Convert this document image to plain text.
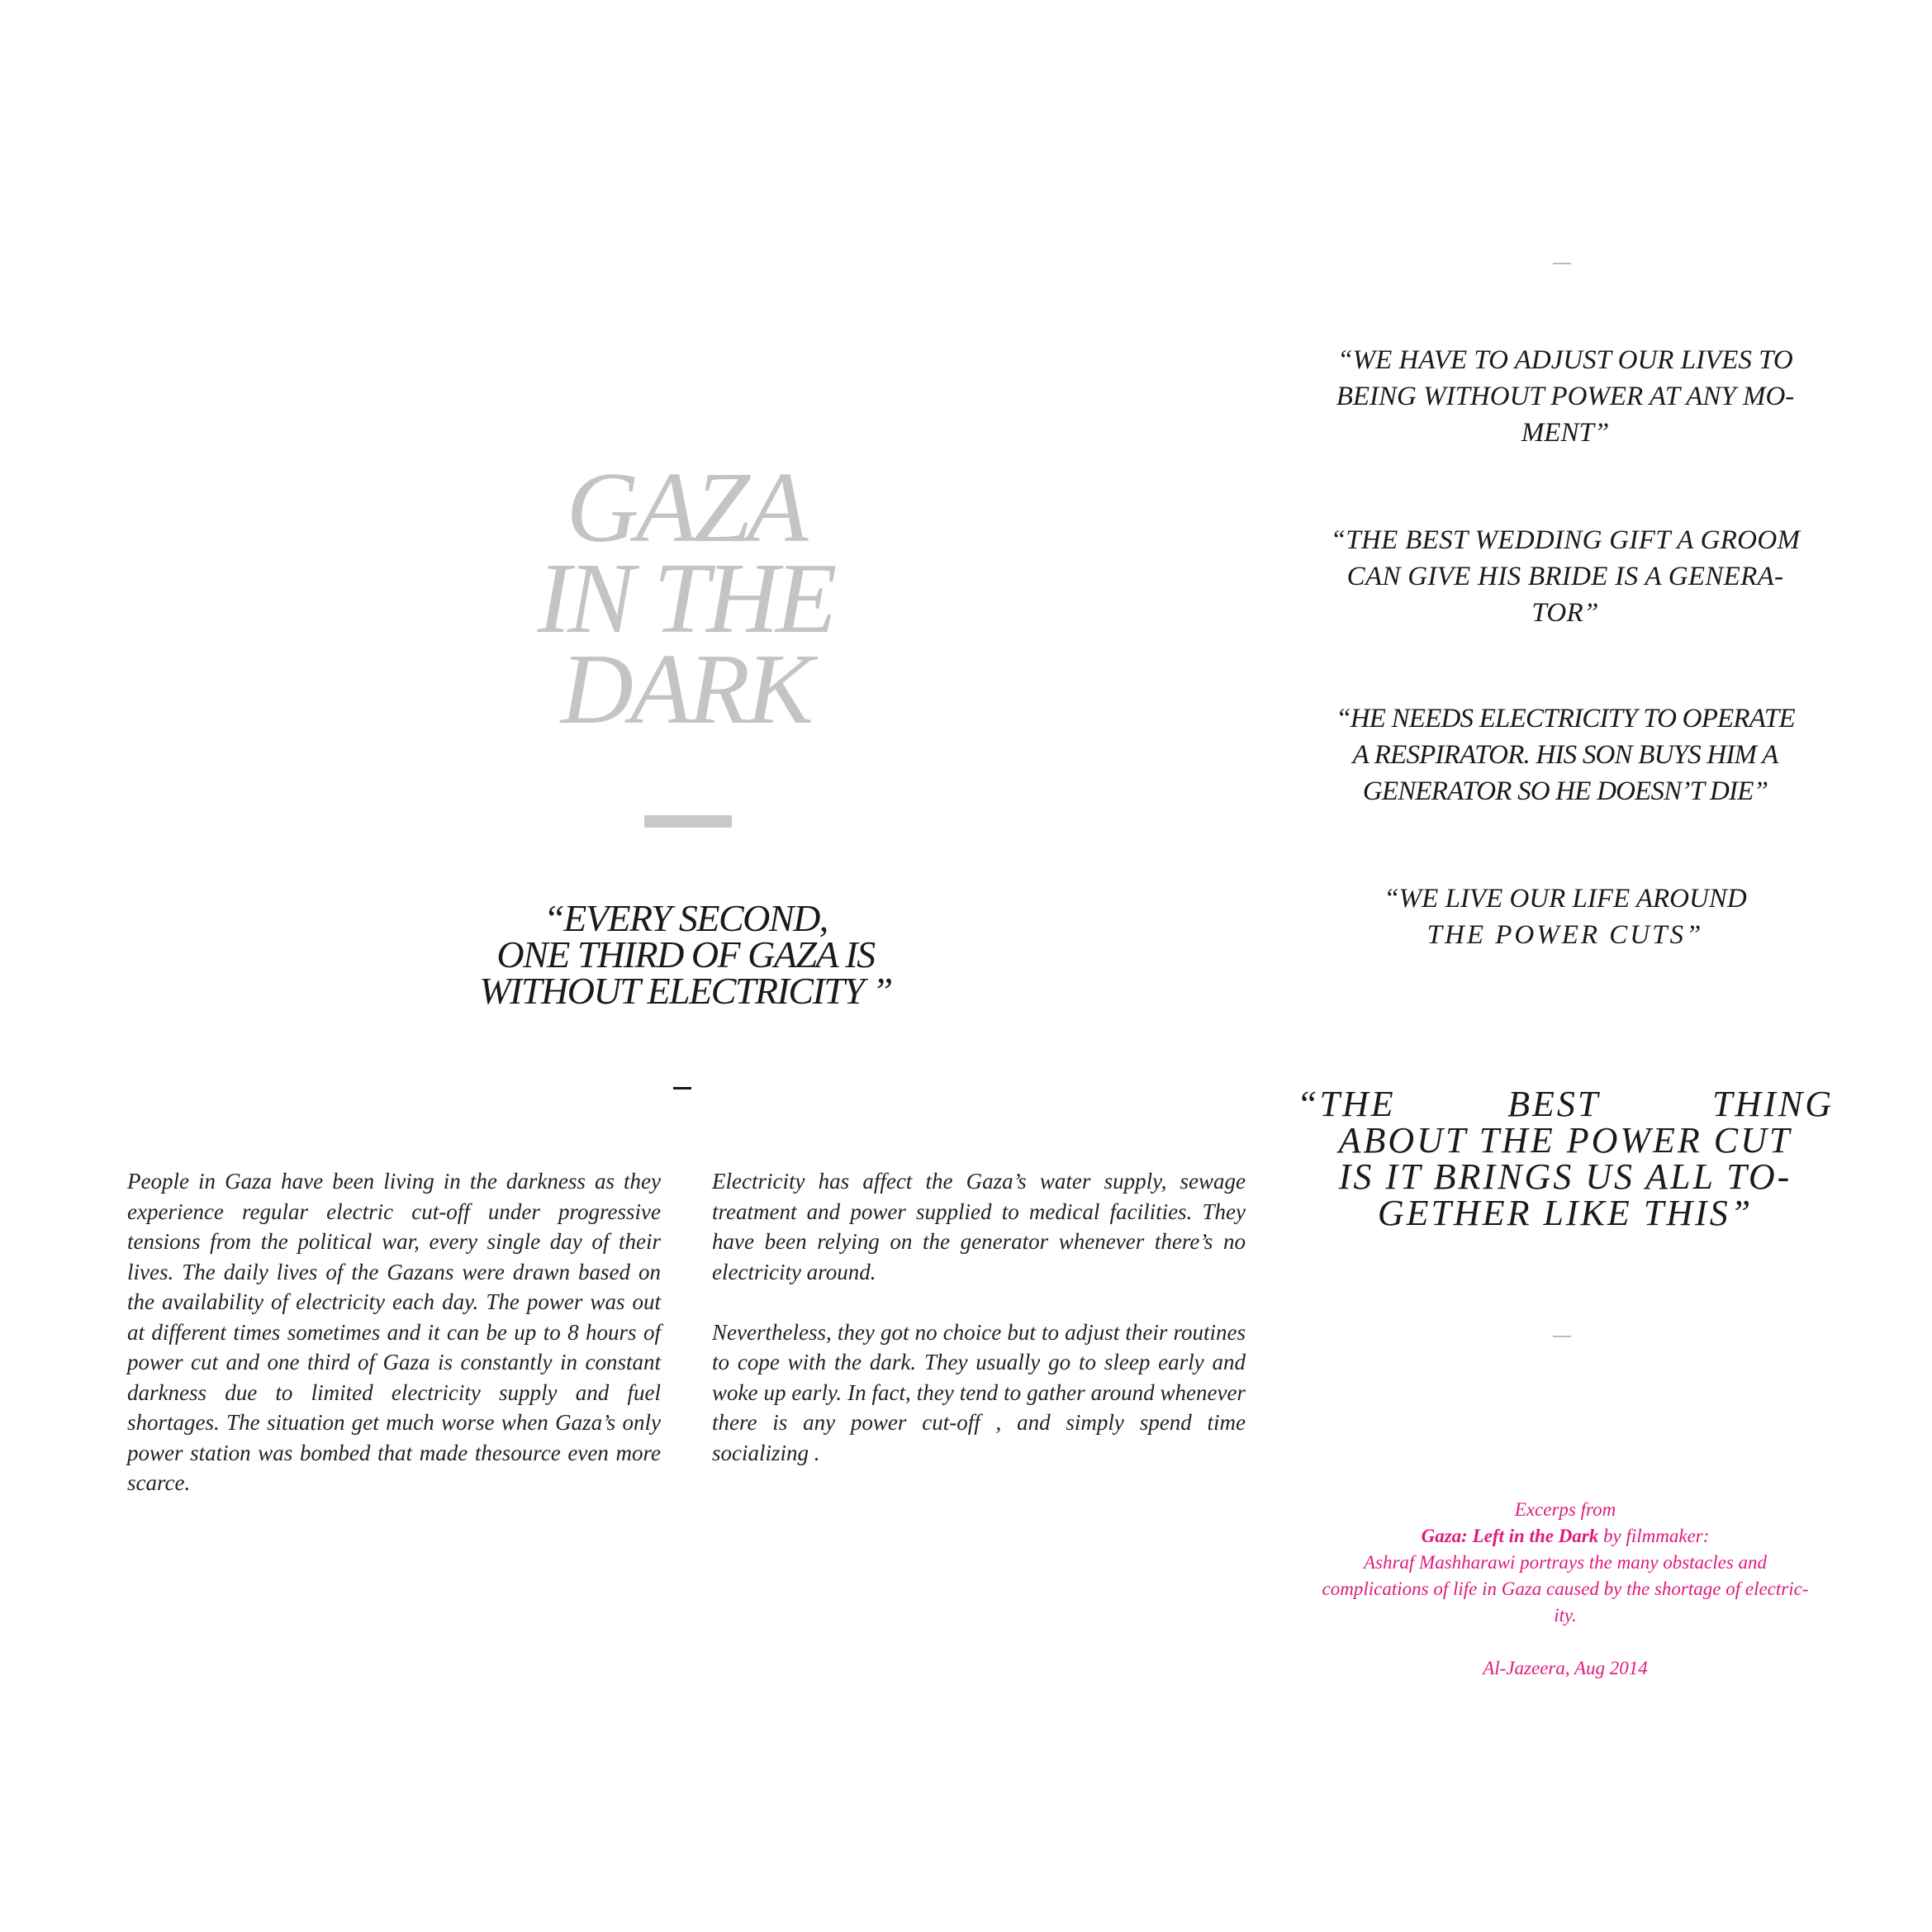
GAZA
IN THE
DARK
“EVERY SECOND,
ONE THIRD OF GAZA IS
WITHOUT ELECTRICITY ”

People in Gaza have been living in the darkness as they experience regular electric cut-off under progressive tensions from the political war, every single day of their lives. The daily lives of the Gazans were drawn based on the availability of electricity each day. The power was out at different times sometimes and it can be up to 8 hours of power cut and one third of Gaza is constantly in constant darkness due to limited electricity supply and fuel shortages. The situation get much worse when Gaza’s only power station was bombed that made thesource even more scarce.

Electricity has affect the Gaza’s water supply, sewage treatment and power supplied to medical facilities. They have been relying on the generator whenever there’s no electricity around.

Nevertheless, they got no choice but to adjust their routines to cope with the dark. They usually go to sleep early and woke up early. In fact, they tend to gather around whenever there is any power cut-off , and simply spend time socializing .

“WE HAVE TO ADJUST OUR LIVES TO
BEING WITHOUT POWER AT ANY MO-
MENT”
“THE BEST WEDDING GIFT A GROOM
CAN GIVE HIS BRIDE IS A GENERA-
TOR”
“HE NEEDS ELECTRICITY TO OPERATE
A RESPIRATOR. HIS SON BUYS HIM A
GENERATOR SO HE DOESN’T DIE”
“WE LIVE OUR LIFE AROUND
THE POWER CUTS”
“THE	BEST	THING
ABOUT THE POWER CUT
IS IT BRINGS US ALL TO-
GETHER LIKE THIS”
Excerps from
Gaza: Left in the Dark by filmmaker:
Ashraf Mashharawi portrays the many obstacles and
complications of life in Gaza caused by the shortage of electric-
ity.
Al-Jazeera, Aug 2014
